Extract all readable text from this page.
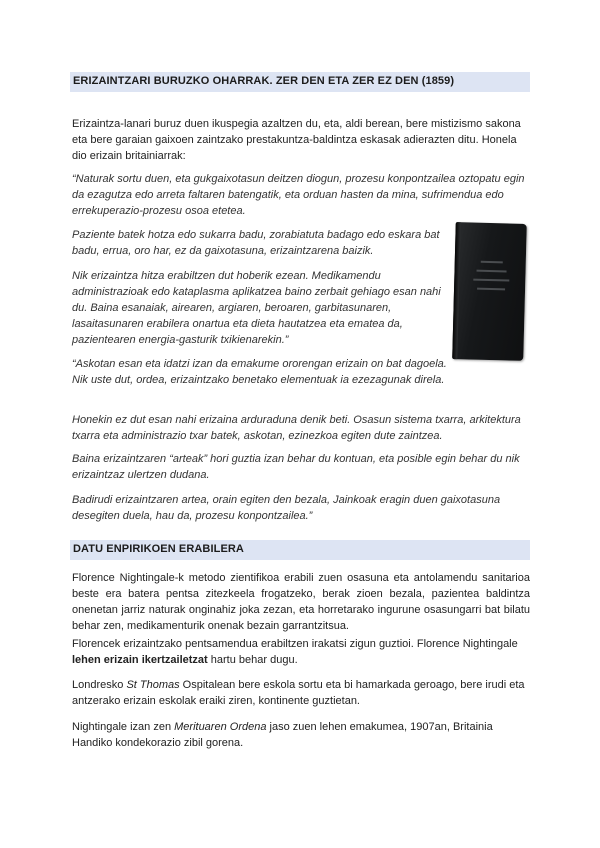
ERIZAINTZARI BURUZKO OHARRAK. ZER DEN ETA ZER EZ DEN (1859)

Erizaintza-lanari buruz duen ikuspegia azaltzen du, eta, aldi berean, bere mistizismo sakona eta bere garaian gaixoen zaintzako prestakuntza-baldintza eskasak adierazten ditu. Honela dio erizain britainiarrak:

“Naturak sortu duen, eta gukgaixotasun deitzen diogun, prozesu konpontzailea oztopatu egin da ezagutza edo arreta faltaren batengatik, eta orduan hasten da mina, sufrimendua edo errekuperazio-prozesu osoa etetea.

Paziente batek hotza edo sukarra badu, zorabiatuta badago edo eskara bat badu, errua, oro har, ez da gaixotasuna, erizaintzarena baizik.

Nik erizaintza hitza erabiltzen dut hoberik ezean. Medikamendu administrazioak edo kataplasma aplikatzea baino zerbait gehiago esan nahi du. Baina esanaiak, airearen, argiaren, beroaren, garbitasunaren, lasaitasunaren erabilera onartua eta dieta hautatzea eta ematea da, pazientearen energia-gasturik txikienarekin.”

“Askotan esan eta idatzi izan da emakume ororengan erizain on bat dagoela. Nik uste dut, ordea, erizaintzako benetako elementuak ia ezezagunak direla.

Honekin ez dut esan nahi erizaina arduraduna denik beti. Osasun sistema txarra, arkitektura txarra eta administrazio txar batek, askotan, ezinezkoa egiten dute zaintzea.

Baina erizaintzaren “arteak” hori guztia izan behar du kontuan, eta posible egin behar du nik erizaintzaz ulertzen dudana.

Badirudi erizaintzaren artea, orain egiten den bezala, Jainkoak eragin duen gaixotasuna desegiten duela, hau da, prozesu konpontzailea.”

DATU ENPIRIKOEN ERABILERA

Florence Nightingale-k metodo zientifikoa erabili zuen osasuna eta antolamendu sanitarioa beste era batera pentsa zitezkeela frogatzeko, berak zioen bezala, pazientea baldintza onenetan jarriz naturak onginahiz joka zezan, eta horretarako ingurune osasungarri bat bilatu behar zen, medikamenturik onenak bezain garrantzitsua.

Florencek erizaintzako pentsamendua erabiltzen irakatsi zigun guztioi. Florence Nightingale lehen erizain ikertzailetzat hartu behar dugu.

Londresko St Thomas Ospitalean bere eskola sortu eta bi hamarkada geroago, bere irudi eta antzerako erizain eskolak eraiki ziren, kontinente guztietan.

Nightingale izan zen Merituaren Ordena jaso zuen lehen emakumea, 1907an, Britainia Handiko kondekorazio zibil gorena.
